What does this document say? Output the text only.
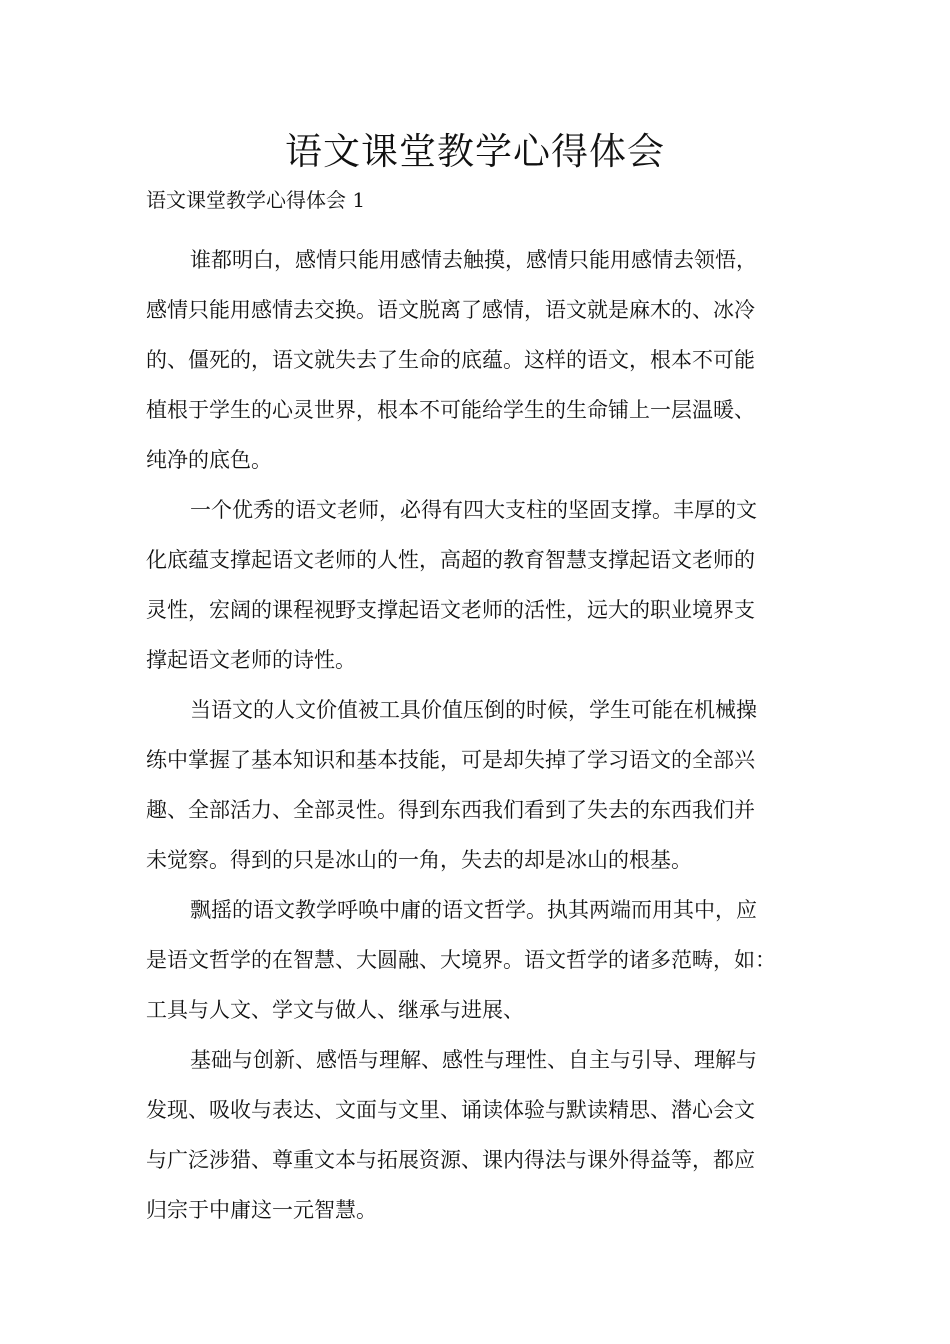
语文课堂教学心得体会

语文课堂教学心得体会 1

谁都明白，感情只能用感情去触摸，感情只能用感情去领悟，
感情只能用感情去交换。语文脱离了感情，语文就是麻木的、冰冷
的、僵死的，语文就失去了生命的底蕴。这样的语文，根本不可能
植根于学生的心灵世界，根本不可能给学生的生命铺上一层温暖、
纯净的底色。

一个优秀的语文老师，必得有四大支柱的坚固支撑。丰厚的文
化底蕴支撑起语文老师的人性，高超的教育智慧支撑起语文老师的
灵性，宏阔的课程视野支撑起语文老师的活性，远大的职业境界支
撑起语文老师的诗性。

当语文的人文价值被工具价值压倒的时候，学生可能在机械操
练中掌握了基本知识和基本技能，可是却失掉了学习语文的全部兴
趣、全部活力、全部灵性。得到东西我们看到了失去的东西我们并
未觉察。得到的只是冰山的一角，失去的却是冰山的根基。

飘摇的语文教学呼唤中庸的语文哲学。执其两端而用其中，应
是语文哲学的在智慧、大圆融、大境界。语文哲学的诸多范畴，如：
工具与人文、学文与做人、继承与进展、

基础与创新、感悟与理解、感性与理性、自主与引导、理解与
发现、吸收与表达、文面与文里、诵读体验与默读精思、潜心会文
与广泛涉猎、尊重文本与拓展资源、课内得法与课外得益等，都应
归宗于中庸这一元智慧。
